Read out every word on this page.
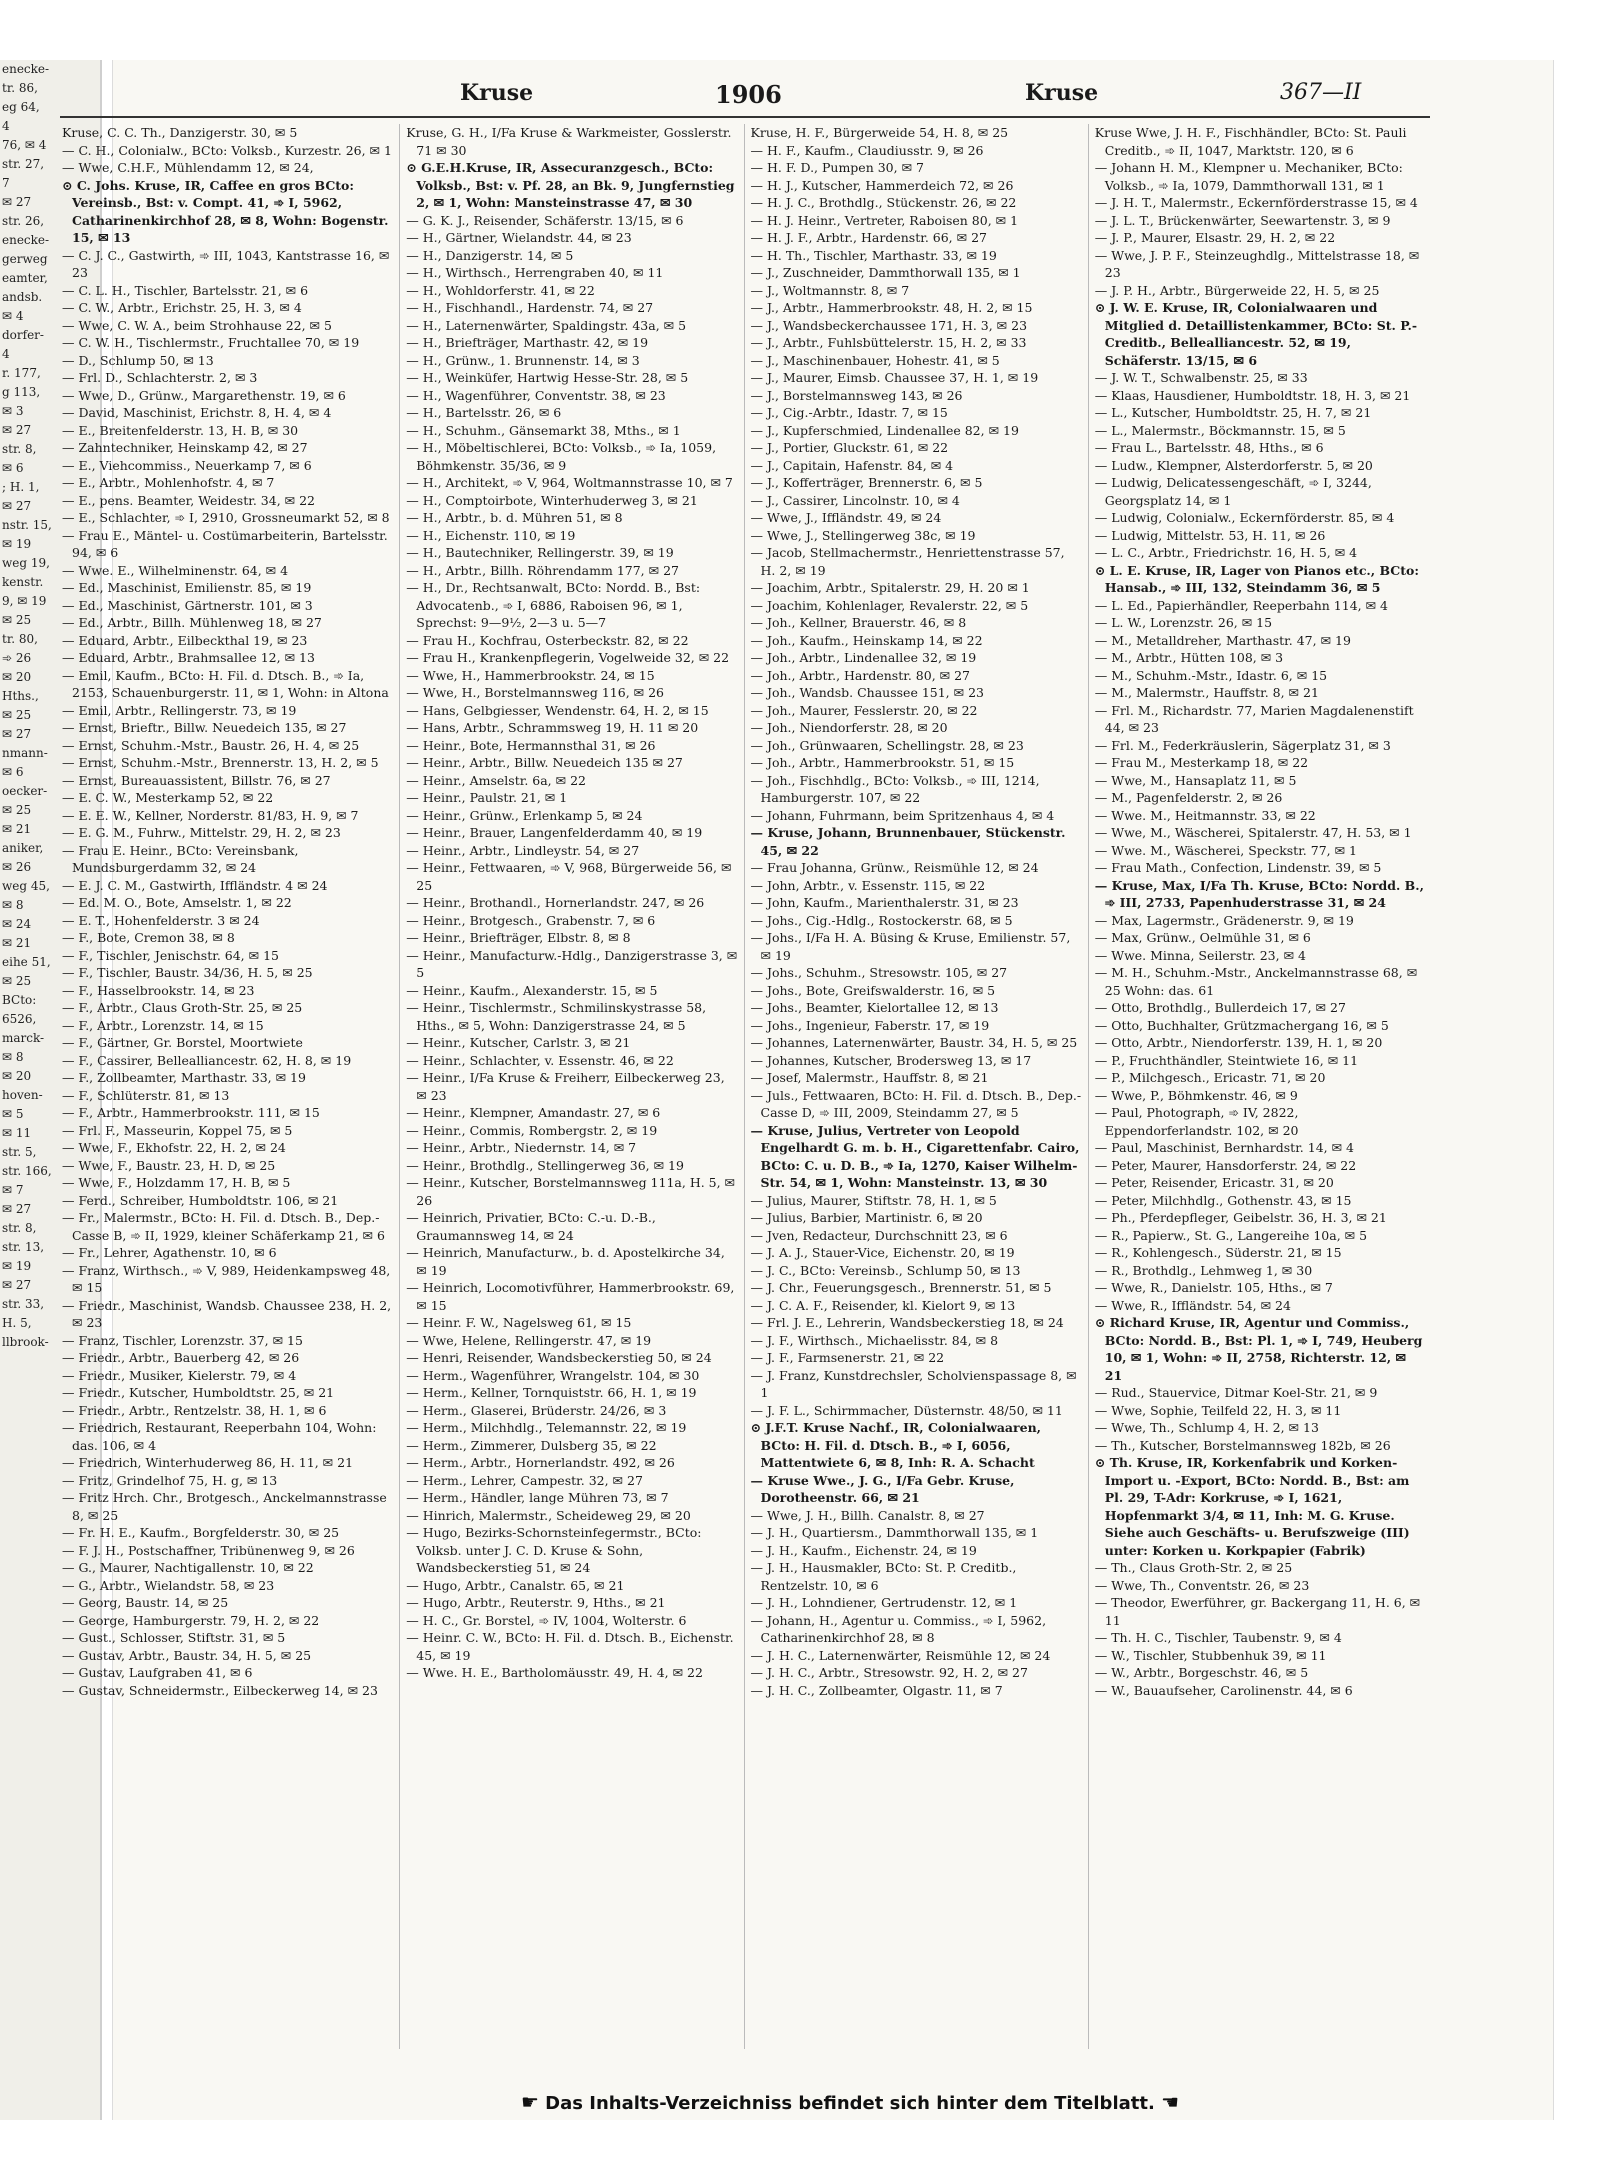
enecke-
tr. 86,
eg 64,
4
76, ✉ 4
str. 27,
7
✉ 27
str. 26,
enecke-
gerweg
eamter,
andsb.
✉ 4
dorfer-
4
r. 177,
g 113,
✉ 3
✉ 27
str. 8,
✉ 6
; H. 1,
✉ 27
nstr. 15,
✉ 19
weg 19,
kenstr.
9, ✉ 19
✉ 25
tr. 80,
➾ 26
✉ 20
Hths.,
✉ 25
✉ 27
nmann-
✉ 6
oecker-
✉ 25
✉ 21
aniker,
✉ 26
weg 45,
✉ 8
✉ 24
✉ 21
eihe 51,
✉ 25
BCto:
6526,
marck-
✉ 8
✉ 20
hoven-
✉ 5
✉ 11
str. 5,
str. 166,
✉ 7
✉ 27
str. 8,
str. 13,
✉ 19
✉ 27
str. 33,
H. 5,
llbrook-
Kruse	1906	Kruse	367—II
Kruse, C. C. Th., Danzigerstr. 30, ✉ 5
— C. H., Colonialw., BCto: Volksb., Kurzestr. 26, ✉ 1
— Wwe, C.H.F., Mühlendamm 12, ✉ 24,
⊙ C. Johs. Kruse, IR, Caffee en gros BCto: Vereinsb., Bst: v. Compt. 41, ➾ I, 5962, Catharinenkirchhof 28, ✉ 8, Wohn: Bogenstr. 15, ✉ 13
— C. J. C., Gastwirth, ➾ III, 1043, Kantstrasse 16, ✉ 23
— C. L. H., Tischler, Bartelsstr. 21, ✉ 6
— C. W., Arbtr., Erichstr. 25, H. 3, ✉ 4
— Wwe, C. W. A., beim Strohhause 22, ✉ 5
— C. W. H., Tischlermstr., Fruchtallee 70, ✉ 19
— D., Schlump 50, ✉ 13
— Frl. D., Schlachterstr. 2, ✉ 3
— Wwe, D., Grünw., Margarethenstr. 19, ✉ 6
— David, Maschinist, Erichstr. 8, H. 4, ✉ 4
— E., Breitenfelderstr. 13, H. B, ✉ 30
— Zahntechniker, Heinskamp 42, ✉ 27
— E., Viehcommiss., Neuerkamp 7, ✉ 6
— E., Arbtr., Mohlenhofstr. 4, ✉ 7
— E., pens. Beamter, Weidestr. 34, ✉ 22
— E., Schlachter, ➾ I, 2910, Grossneumarkt 52, ✉ 8
— Frau E., Mäntel- u. Costümarbeiterin, Bartelsstr. 94, ✉ 6
— Wwe. E., Wilhelminenstr. 64, ✉ 4
— Ed., Maschinist, Emilienstr. 85, ✉ 19
— Ed., Maschinist, Gärtnerstr. 101, ✉ 3
— Ed., Arbtr., Billh. Mühlenweg 18, ✉ 27
— Eduard, Arbtr., Eilbeckthal 19, ✉ 23
— Eduard, Arbtr., Brahmsallee 12, ✉ 13
— Emil, Kaufm., BCto: H. Fil. d. Dtsch. B., ➾ Ia, 2153, Schauenburgerstr. 11, ✉ 1, Wohn: in Altona
— Emil, Arbtr., Rellingerstr. 73, ✉ 19
— Ernst, Brieftr., Billw. Neuedeich 135, ✉ 27
— Ernst, Schuhm.-Mstr., Baustr. 26, H. 4, ✉ 25
— Ernst, Schuhm.-Mstr., Brennerstr. 13, H. 2, ✉ 5
— Ernst, Bureauassistent, Billstr. 76, ✉ 27
— E. C. W., Mesterkamp 52, ✉ 22
— E. E. W., Kellner, Norderstr. 81/83, H. 9, ✉ 7
— E. G. M., Fuhrw., Mittelstr. 29, H. 2, ✉ 23
— Frau E. Heinr., BCto: Vereinsbank, Mundsburgerdamm 32, ✉ 24
— E. J. C. M., Gastwirth, Iffländstr. 4 ✉ 24
— Ed. M. O., Bote, Amselstr. 1, ✉ 22
— E. T., Hohenfelderstr. 3 ✉ 24
— F., Bote, Cremon 38, ✉ 8
— F., Tischler, Jenischstr. 64, ✉ 15
— F., Tischler, Baustr. 34/36, H. 5, ✉ 25
— F., Hasselbrookstr. 14, ✉ 23
— F., Arbtr., Claus Groth-Str. 25, ✉ 25
— F., Arbtr., Lorenzstr. 14, ✉ 15
— F., Gärtner, Gr. Borstel, Moortwiete
— F., Cassirer, Bellealliancestr. 62, H. 8, ✉ 19
— F., Zollbeamter, Marthastr. 33, ✉ 19
— F., Schlüterstr. 81, ✉ 13
— F., Arbtr., Hammerbrookstr. 111, ✉ 15
— Frl. F., Masseurin, Koppel 75, ✉ 5
— Wwe, F., Ekhofstr. 22, H. 2, ✉ 24
— Wwe, F., Baustr. 23, H. D, ✉ 25
— Wwe, F., Holzdamm 17, H. B, ✉ 5
— Ferd., Schreiber, Humboldtstr. 106, ✉ 21
— Fr., Malermstr., BCto: H. Fil. d. Dtsch. B., Dep.-Casse B, ➾ II, 1929, kleiner Schäferkamp 21, ✉ 6
— Fr., Lehrer, Agathenstr. 10, ✉ 6
— Franz, Wirthsch., ➾ V, 989, Heidenkampsweg 48, ✉ 15
— Friedr., Maschinist, Wandsb. Chaussee 238, H. 2, ✉ 23
— Franz, Tischler, Lorenzstr. 37, ✉ 15
— Friedr., Arbtr., Bauerberg 42, ✉ 26
— Friedr., Musiker, Kielerstr. 79, ✉ 4
— Friedr., Kutscher, Humboldtstr. 25, ✉ 21
— Friedr., Arbtr., Rentzelstr. 38, H. 1, ✉ 6
— Friedrich, Restaurant, Reeperbahn 104, Wohn: das. 106, ✉ 4
— Friedrich, Winterhuderweg 86, H. 11, ✉ 21
— Fritz, Grindelhof 75, H. g, ✉ 13
— Fritz Hrch. Chr., Brotgesch., Anckelmannstrasse 8, ✉ 25
— Fr. H. E., Kaufm., Borgfelderstr. 30, ✉ 25
— F. J. H., Postschaffner, Tribünenweg 9, ✉ 26
— G., Maurer, Nachtigallenstr. 10, ✉ 22
— G., Arbtr., Wielandstr. 58, ✉ 23
— Georg, Baustr. 14, ✉ 25
— George, Hamburgerstr. 79, H. 2, ✉ 22
— Gust., Schlosser, Stiftstr. 31, ✉ 5
— Gustav, Arbtr., Baustr. 34, H. 5, ✉ 25
— Gustav, Laufgraben 41, ✉ 6
— Gustav, Schneidermstr., Eilbeckerweg 14, ✉ 23
Kruse, G. H., I/Fa Kruse & Warkmeister, Gosslerstr. 71 ✉ 30
⊙ G.E.H.Kruse, IR, Assecuranzgesch., BCto: Volksb., Bst: v. Pf. 28, an Bk. 9, Jungfernstieg 2, ✉ 1, Wohn: Mansteinstrasse 47, ✉ 30
— G. K. J., Reisender, Schäferstr. 13/15, ✉ 6
— H., Gärtner, Wielandstr. 44, ✉ 23
— H., Danzigerstr. 14, ✉ 5
— H., Wirthsch., Herrengraben 40, ✉ 11
— H., Wohldorferstr. 41, ✉ 22
— H., Fischhandl., Hardenstr. 74, ✉ 27
— H., Laternenwärter, Spaldingstr. 43a, ✉ 5
— H., Briefträger, Marthastr. 42, ✉ 19
— H., Grünw., 1. Brunnenstr. 14, ✉ 3
— H., Weinküfer, Hartwig Hesse-Str. 28, ✉ 5
— H., Wagenführer, Conventstr. 38, ✉ 23
— H., Bartelsstr. 26, ✉ 6
— H., Schuhm., Gänsemarkt 38, Mths., ✉ 1
— H., Möbeltischlerei, BCto: Volksb., ➾ Ia, 1059, Böhmkenstr. 35/36, ✉ 9
— H., Architekt, ➾ V, 964, Woltmannstrasse 10, ✉ 7
— H., Comptoirbote, Winterhuderweg 3, ✉ 21
— H., Arbtr., b. d. Mühren 51, ✉ 8
— H., Eichenstr. 110, ✉ 19
— H., Bautechniker, Rellingerstr. 39, ✉ 19
— H., Arbtr., Billh. Röhrendamm 177, ✉ 27
— H., Dr., Rechtsanwalt, BCto: Nordd. B., Bst: Advocatenb., ➾ I, 6886, Raboisen 96, ✉ 1, Sprechst: 9—9½, 2—3 u. 5—7
— Frau H., Kochfrau, Osterbeckstr. 82, ✉ 22
— Frau H., Krankenpflegerin, Vogelweide 32, ✉ 22
— Wwe, H., Hammerbrookstr. 24, ✉ 15
— Wwe, H., Borstelmannsweg 116, ✉ 26
— Hans, Gelbgiesser, Wendenstr. 64, H. 2, ✉ 15
— Hans, Arbtr., Schrammsweg 19, H. 11 ✉ 20
— Heinr., Bote, Hermannsthal 31, ✉ 26
— Heinr., Arbtr., Billw. Neuedeich 135 ✉ 27
— Heinr., Amselstr. 6a, ✉ 22
— Heinr., Paulstr. 21, ✉ 1
— Heinr., Grünw., Erlenkamp 5, ✉ 24
— Heinr., Brauer, Langenfelderdamm 40, ✉ 19
— Heinr., Arbtr., Lindleystr. 54, ✉ 27
— Heinr., Fettwaaren, ➾ V, 968, Bürgerweide 56, ✉ 25
— Heinr., Brothandl., Hornerlandstr. 247, ✉ 26
— Heinr., Brotgesch., Grabenstr. 7, ✉ 6
— Heinr., Briefträger, Elbstr. 8, ✉ 8
— Heinr., Manufacturw.-Hdlg., Danzigerstrasse 3, ✉ 5
— Heinr., Kaufm., Alexanderstr. 15, ✉ 5
— Heinr., Tischlermstr., Schmilinskystrasse 58, Hths., ✉ 5, Wohn: Danzigerstrasse 24, ✉ 5
— Heinr., Kutscher, Carlstr. 3, ✉ 21
— Heinr., Schlachter, v. Essenstr. 46, ✉ 22
— Heinr., I/Fa Kruse & Freiherr, Eilbeckerweg 23, ✉ 23
— Heinr., Klempner, Amandastr. 27, ✉ 6
— Heinr., Commis, Rombergstr. 2, ✉ 19
— Heinr., Arbtr., Niedernstr. 14, ✉ 7
— Heinr., Brothdlg., Stellingerweg 36, ✉ 19
— Heinr., Kutscher, Borstelmannsweg 111a, H. 5, ✉ 26
— Heinrich, Privatier, BCto: C.-u. D.-B., Graumannsweg 14, ✉ 24
— Heinrich, Manufacturw., b. d. Apostelkirche 34, ✉ 19
— Heinrich, Locomotivführer, Hammerbrookstr. 69, ✉ 15
— Heinr. F. W., Nagelsweg 61, ✉ 15
— Wwe, Helene, Rellingerstr. 47, ✉ 19
— Henri, Reisender, Wandsbeckerstieg 50, ✉ 24
— Herm., Wagenführer, Wrangelstr. 104, ✉ 30
— Herm., Kellner, Tornquiststr. 66, H. 1, ✉ 19
— Herm., Glaserei, Brüderstr. 24/26, ✉ 3
— Herm., Milchhdlg., Telemannstr. 22, ✉ 19
— Herm., Zimmerer, Dulsberg 35, ✉ 22
— Herm., Arbtr., Hornerlandstr. 492, ✉ 26
— Herm., Lehrer, Campestr. 32, ✉ 27
— Herm., Händler, lange Mühren 73, ✉ 7
— Hinrich, Malermstr., Scheideweg 29, ✉ 20
— Hugo, Bezirks-Schornsteinfegermstr., BCto: Volksb. unter J. C. D. Kruse & Sohn, Wandsbeckerstieg 51, ✉ 24
— Hugo, Arbtr., Canalstr. 65, ✉ 21
— Hugo, Arbtr., Reuterstr. 9, Hths., ✉ 21
— H. C., Gr. Borstel, ➾ IV, 1004, Wolterstr. 6
— Heinr. C. W., BCto: H. Fil. d. Dtsch. B., Eichenstr. 45, ✉ 19
— Wwe. H. E., Bartholomäusstr. 49, H. 4, ✉ 22
Kruse, H. F., Bürgerweide 54, H. 8, ✉ 25
— H. F., Kaufm., Claudiusstr. 9, ✉ 26
— H. F. D., Pumpen 30, ✉ 7
— H. J., Kutscher, Hammerdeich 72, ✉ 26
— H. J. C., Brothdlg., Stückenstr. 26, ✉ 22
— H. J. Heinr., Vertreter, Raboisen 80, ✉ 1
— H. J. F., Arbtr., Hardenstr. 66, ✉ 27
— H. Th., Tischler, Marthastr. 33, ✉ 19
— J., Zuschneider, Dammthorwall 135, ✉ 1
— J., Woltmannstr. 8, ✉ 7
— J., Arbtr., Hammerbrookstr. 48, H. 2, ✉ 15
— J., Wandsbeckerchaussee 171, H. 3, ✉ 23
— J., Arbtr., Fuhlsbüttelerstr. 15, H. 2, ✉ 33
— J., Maschinenbauer, Hohestr. 41, ✉ 5
— J., Maurer, Eimsb. Chaussee 37, H. 1, ✉ 19
— J., Borstelmannsweg 143, ✉ 26
— J., Cig.-Arbtr., Idastr. 7, ✉ 15
— J., Kupferschmied, Lindenallee 82, ✉ 19
— J., Portier, Gluckstr. 61, ✉ 22
— J., Capitain, Hafenstr. 84, ✉ 4
— J., Kofferträger, Brennerstr. 6, ✉ 5
— J., Cassirer, Lincolnstr. 10, ✉ 4
— Wwe, J., Iffländstr. 49, ✉ 24
— Wwe, J., Stellingerweg 38c, ✉ 19
— Jacob, Stellmachermstr., Henriettenstrasse 57, H. 2, ✉ 19
— Joachim, Arbtr., Spitalerstr. 29, H. 20 ✉ 1
— Joachim, Kohlenlager, Revalerstr. 22, ✉ 5
— Joh., Kellner, Brauerstr. 46, ✉ 8
— Joh., Kaufm., Heinskamp 14, ✉ 22
— Joh., Arbtr., Lindenallee 32, ✉ 19
— Joh., Arbtr., Hardenstr. 80, ✉ 27
— Joh., Wandsb. Chaussee 151, ✉ 23
— Joh., Maurer, Fesslerstr. 20, ✉ 22
— Joh., Niendorferstr. 28, ✉ 20
— Joh., Grünwaaren, Schellingstr. 28, ✉ 23
— Joh., Arbtr., Hammerbrookstr. 51, ✉ 15
— Joh., Fischhdlg., BCto: Volksb., ➾ III, 1214, Hamburgerstr. 107, ✉ 22
— Johann, Fuhrmann, beim Spritzenhaus 4, ✉ 4
— Kruse, Johann, Brunnenbauer, Stückenstr. 45, ✉ 22
— Frau Johanna, Grünw., Reismühle 12, ✉ 24
— John, Arbtr., v. Essenstr. 115, ✉ 22
— John, Kaufm., Marienthalerstr. 31, ✉ 23
— Johs., Cig.-Hdlg., Rostockerstr. 68, ✉ 5
— Johs., I/Fa H. A. Büsing & Kruse, Emilienstr. 57, ✉ 19
— Johs., Schuhm., Stresowstr. 105, ✉ 27
— Johs., Bote, Greifswalderstr. 16, ✉ 5
— Johs., Beamter, Kielortallee 12, ✉ 13
— Johs., Ingenieur, Faberstr. 17, ✉ 19
— Johannes, Laternenwärter, Baustr. 34, H. 5, ✉ 25
— Johannes, Kutscher, Brodersweg 13, ✉ 17
— Josef, Malermstr., Hauffstr. 8, ✉ 21
— Juls., Fettwaaren, BCto: H. Fil. d. Dtsch. B., Dep.-Casse D, ➾ III, 2009, Steindamm 27, ✉ 5
— Kruse, Julius, Vertreter von Leopold Engelhardt G. m. b. H., Cigarettenfabr. Cairo, BCto: C. u. D. B., ➾ Ia, 1270, Kaiser Wilhelm-Str. 54, ✉ 1, Wohn: Mansteinstr. 13, ✉ 30
— Julius, Maurer, Stiftstr. 78, H. 1, ✉ 5
— Julius, Barbier, Martinistr. 6, ✉ 20
— Jven, Redacteur, Durchschnitt 23, ✉ 6
— J. A. J., Stauer-Vice, Eichenstr. 20, ✉ 19
— J. C., BCto: Vereinsb., Schlump 50, ✉ 13
— J. Chr., Feuerungsgesch., Brennerstr. 51, ✉ 5
— J. C. A. F., Reisender, kl. Kielort 9, ✉ 13
— Frl. J. E., Lehrerin, Wandsbeckerstieg 18, ✉ 24
— J. F., Wirthsch., Michaelisstr. 84, ✉ 8
— J. F., Farmsenerstr. 21, ✉ 22
— J. Franz, Kunstdrechsler, Scholvienspassage 8, ✉ 1
— J. F. L., Schirmmacher, Düsternstr. 48/50, ✉ 11
⊙ J.F.T. Kruse Nachf., IR, Colonialwaaren, BCto: H. Fil. d. Dtsch. B., ➾ I, 6056, Mattentwiete 6, ✉ 8, Inh: R. A. Schacht
— Kruse Wwe., J. G., I/Fa Gebr. Kruse, Dorotheenstr. 66, ✉ 21
— Wwe, J. H., Billh. Canalstr. 8, ✉ 27
— J. H., Quartiersm., Dammthorwall 135, ✉ 1
— J. H., Kaufm., Eichenstr. 24, ✉ 19
— J. H., Hausmakler, BCto: St. P. Creditb., Rentzelstr. 10, ✉ 6
— J. H., Lohndiener, Gertrudenstr. 12, ✉ 1
— Johann, H., Agentur u. Commiss., ➾ I, 5962, Catharinenkirchhof 28, ✉ 8
— J. H. C., Laternenwärter, Reismühle 12, ✉ 24
— J. H. C., Arbtr., Stresowstr. 92, H. 2, ✉ 27
— J. H. C., Zollbeamter, Olgastr. 11, ✉ 7
Kruse Wwe, J. H. F., Fischhändler, BCto: St. Pauli Creditb., ➾ II, 1047, Marktstr. 120, ✉ 6
— Johann H. M., Klempner u. Mechaniker, BCto: Volksb., ➾ Ia, 1079, Dammthorwall 131, ✉ 1
— J. H. T., Malermstr., Eckernförderstrasse 15, ✉ 4
— J. L. T., Brückenwärter, Seewartenstr. 3, ✉ 9
— J. P., Maurer, Elsastr. 29, H. 2, ✉ 22
— Wwe, J. P. F., Steinzeughdlg., Mittelstrasse 18, ✉ 23
— J. P. H., Arbtr., Bürgerweide 22, H. 5, ✉ 25
⊙ J. W. E. Kruse, IR, Colonialwaaren und Mitglied d. Detaillistenkammer, BCto: St. P.-Creditb., Bellealliancestr. 52, ✉ 19, Schäferstr. 13/15, ✉ 6
— J. W. T., Schwalbenstr. 25, ✉ 33
— Klaas, Hausdiener, Humboldtstr. 18, H. 3, ✉ 21
— L., Kutscher, Humboldtstr. 25, H. 7, ✉ 21
— L., Malermstr., Böckmannstr. 15, ✉ 5
— Frau L., Bartelsstr. 48, Hths., ✉ 6
— Ludw., Klempner, Alsterdorferstr. 5, ✉ 20
— Ludwig, Delicatessengeschäft, ➾ I, 3244, Georgsplatz 14, ✉ 1
— Ludwig, Colonialw., Eckernförderstr. 85, ✉ 4
— Ludwig, Mittelstr. 53, H. 11, ✉ 26
— L. C., Arbtr., Friedrichstr. 16, H. 5, ✉ 4
⊙ L. E. Kruse, IR, Lager von Pianos etc., BCto: Hansab., ➾ III, 132, Steindamm 36, ✉ 5
— L. Ed., Papierhändler, Reeperbahn 114, ✉ 4
— L. W., Lorenzstr. 26, ✉ 15
— M., Metalldreher, Marthastr. 47, ✉ 19
— M., Arbtr., Hütten 108, ✉ 3
— M., Schuhm.-Mstr., Idastr. 6, ✉ 15
— M., Malermstr., Hauffstr. 8, ✉ 21
— Frl. M., Richardstr. 77, Marien Magdalenenstift 44, ✉ 23
— Frl. M., Federkräuslerin, Sägerplatz 31, ✉ 3
— Frau M., Mesterkamp 18, ✉ 22
— Wwe, M., Hansaplatz 11, ✉ 5
— M., Pagenfelderstr. 2, ✉ 26
— Wwe. M., Heitmannstr. 33, ✉ 22
— Wwe, M., Wäscherei, Spitalerstr. 47, H. 53, ✉ 1
— Wwe. M., Wäscherei, Speckstr. 77, ✉ 1
— Frau Math., Confection, Lindenstr. 39, ✉ 5
— Kruse, Max, I/Fa Th. Kruse, BCto: Nordd. B., ➾ III, 2733, Papenhuderstrasse 31, ✉ 24
— Max, Lagermstr., Grädenerstr. 9, ✉ 19
— Max, Grünw., Oelmühle 31, ✉ 6
— Wwe. Minna, Seilerstr. 23, ✉ 4
— M. H., Schuhm.-Mstr., Anckelmannstrasse 68, ✉ 25 Wohn: das. 61
— Otto, Brothdlg., Bullerdeich 17, ✉ 27
— Otto, Buchhalter, Grützmachergang 16, ✉ 5
— Otto, Arbtr., Niendorferstr. 139, H. 1, ✉ 20
— P., Fruchthändler, Steintwiete 16, ✉ 11
— P., Milchgesch., Ericastr. 71, ✉ 20
— Wwe, P., Böhmkenstr. 46, ✉ 9
— Paul, Photograph, ➾ IV, 2822, Eppendorferlandstr. 102, ✉ 20
— Paul, Maschinist, Bernhardstr. 14, ✉ 4
— Peter, Maurer, Hansdorferstr. 24, ✉ 22
— Peter, Reisender, Ericastr. 31, ✉ 20
— Peter, Milchhdlg., Gothenstr. 43, ✉ 15
— Ph., Pferdepfleger, Geibelstr. 36, H. 3, ✉ 21
— R., Papierw., St. G., Langereihe 10a, ✉ 5
— R., Kohlengesch., Süderstr. 21, ✉ 15
— R., Brothdlg., Lehmweg 1, ✉ 30
— Wwe, R., Danielstr. 105, Hths., ✉ 7
— Wwe, R., Iffländstr. 54, ✉ 24
⊙ Richard Kruse, IR, Agentur und Commiss., BCto: Nordd. B., Bst: Pl. 1, ➾ I, 749, Heuberg 10, ✉ 1, Wohn: ➾ II, 2758, Richterstr. 12, ✉ 21
— Rud., Stauervice, Ditmar Koel-Str. 21, ✉ 9
— Wwe, Sophie, Teilfeld 22, H. 3, ✉ 11
— Wwe, Th., Schlump 4, H. 2, ✉ 13
— Th., Kutscher, Borstelmannsweg 182b, ✉ 26
⊙ Th. Kruse, IR, Korkenfabrik und Korken-Import u. -Export, BCto: Nordd. B., Bst: am Pl. 29, T-Adr: Korkruse, ➾ I, 1621, Hopfenmarkt 3/4, ✉ 11, Inh: M. G. Kruse. Siehe auch Geschäfts- u. Berufszweige (III) unter: Korken u. Korkpapier (Fabrik)
— Th., Claus Groth-Str. 2, ✉ 25
— Wwe, Th., Conventstr. 26, ✉ 23
— Theodor, Ewerführer, gr. Backergang 11, H. 6, ✉ 11
— Th. H. C., Tischler, Taubenstr. 9, ✉ 4
— W., Tischler, Stubbenhuk 39, ✉ 11
— W., Arbtr., Borgeschstr. 46, ✉ 5
— W., Bauaufseher, Carolinenstr. 44, ✉ 6
☛ Das Inhalts-Verzeichniss befindet sich hinter dem Titelblatt. ☚
